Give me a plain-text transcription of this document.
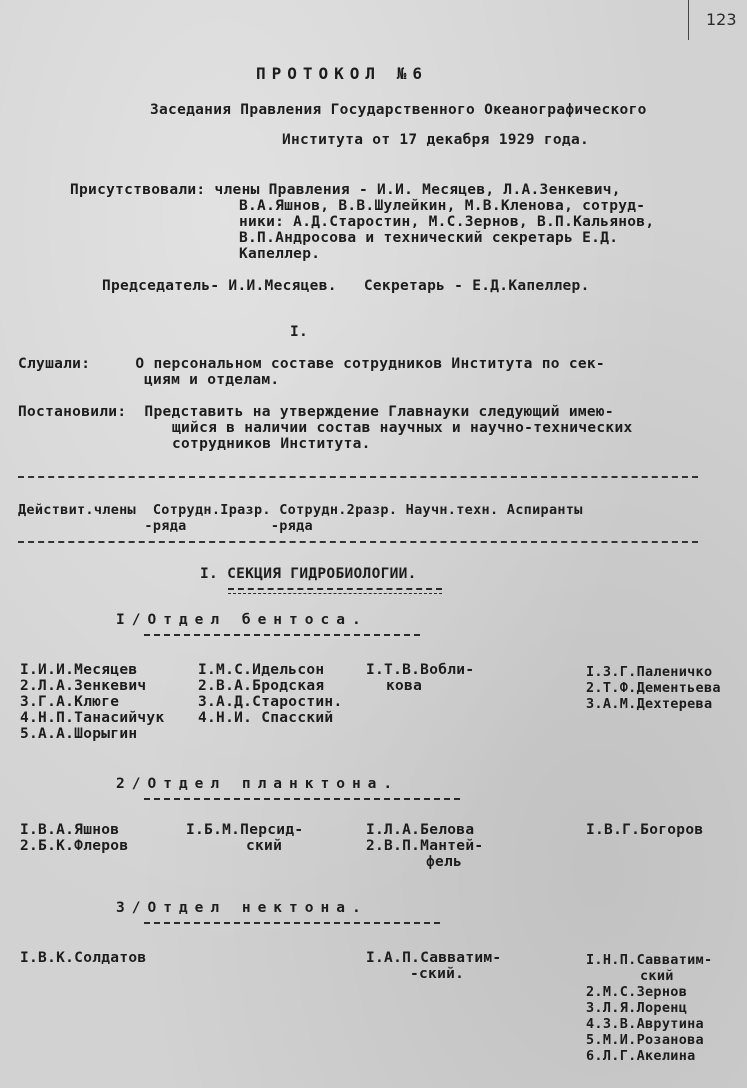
123
ПРОТОКОЛ №6
Заседания Правления Государственного Океанографического
Института от 17 декабря 1929 года.
Присутствовали: члены Правления - И.И. Месяцев, Л.А.Зенкевич,
В.А.Яшнов, В.В.Шулейкин, М.В.Кленова, сотруд-
ники: А.Д.Старостин, М.С.Зернов, В.П.Кальянов,
В.П.Андросова и технический секретарь Е.Д.
Капеллер.
Председатель- И.И.Месяцев.   Секретарь - Е.Д.Капеллер.
I.
Слушали:     О персональном составе сотрудников Института по сек-
циям и отделам.
Постановили:  Представить на утверждение Главнауки следующий имею-
щийся в наличии состав научных и научно-технических
сотрудников Института.
Действит.члены  Сотрудн.Iразр. Сотрудн.2разр. Научн.техн. Аспиранты
-ряда          -ряда
I. СЕКЦИЯ ГИДРОБИОЛОГИИ.
I/Отдел бентоса.
I.И.И.Месяцев
2.Л.А.Зенкевич
3.Г.А.Клюге
4.Н.П.Танасийчук
5.А.А.Шорыгин
I.М.С.Идельсон
2.В.А.Бродская
3.А.Д.Старостин.
4.Н.И. Спасский
I.Т.В.Вобли-
кова
I.З.Г.Паленичко
2.Т.Ф.Дементьева
3.А.М.Дехтерева
2/Отдел планктона.
I.В.А.Яшнов
2.Б.К.Флеров
I.Б.М.Персид-
ский
I.Л.А.Белова
2.В.П.Мантей-
фель
I.В.Г.Богоров
3/Отдел нектона.
I.В.К.Солдатов	I.А.П.Савватим-
-ский.
I.Н.П.Савватим-
ский
2.М.С.Зернов
3.Л.Я.Лоренц
4.З.В.Аврутина
5.М.И.Розанова
6.Л.Г.Акелина
